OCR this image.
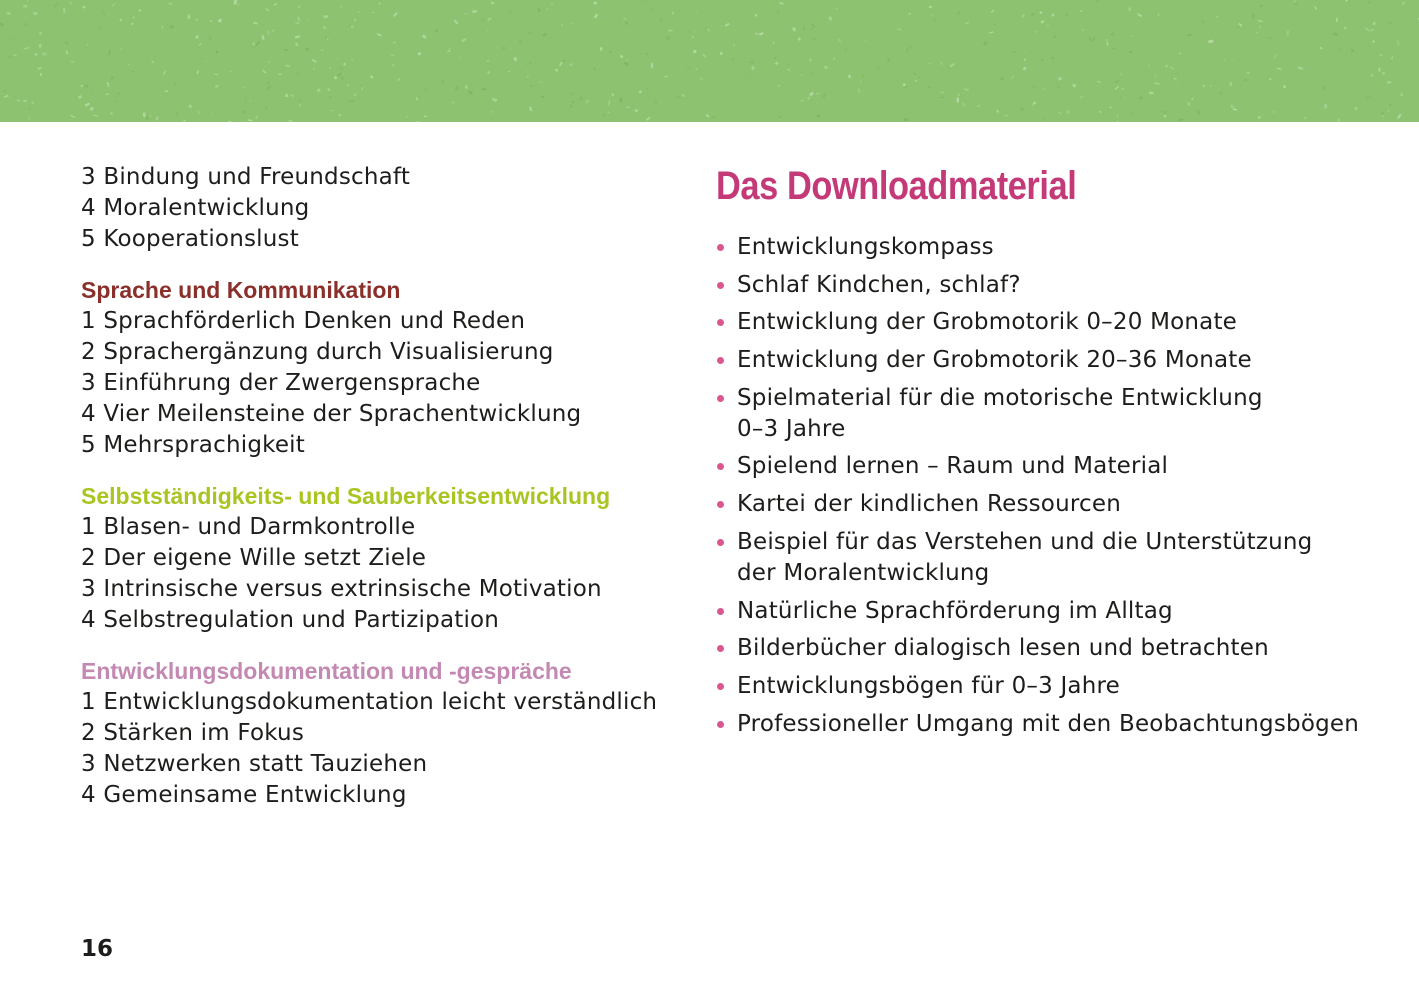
3 Bindung und Freundschaft
4 Moralentwicklung
5 Kooperationslust
Sprache und Kommunikation
1 Sprachförderlich Denken und Reden
2 Sprachergänzung durch Visualisierung
3 Einführung der Zwergensprache
4 Vier Meilensteine der Sprachentwicklung
5 Mehrsprachigkeit
Selbstständigkeits- und Sauberkeitsentwicklung
1 Blasen- und Darmkontrolle
2 Der eigene Wille setzt Ziele
3 Intrinsische versus extrinsische Motivation
4 Selbstregulation und Partizipation
Entwicklungsdokumentation und -gespräche
1 Entwicklungsdokumentation leicht verständlich
2 Stärken im Fokus
3 Netzwerken statt Tauziehen
4 Gemeinsame Entwicklung
Das Downloadmaterial
Entwicklungskompass
Schlaf Kindchen, schlaf?
Entwicklung der Grobmotorik 0–20 Monate
Entwicklung der Grobmotorik 20–36 Monate
Spielmaterial für die motorische Entwicklung
0–3 Jahre
Spielend lernen – Raum und Material
Kartei der kindlichen Ressourcen
Beispiel für das Verstehen und die Unterstützung
der Moralentwicklung
Natürliche Sprachförderung im Alltag
Bilderbücher dialogisch lesen und betrachten
Entwicklungsbögen für 0–3 Jahre
Professioneller Umgang mit den Beobachtungsbögen
16
